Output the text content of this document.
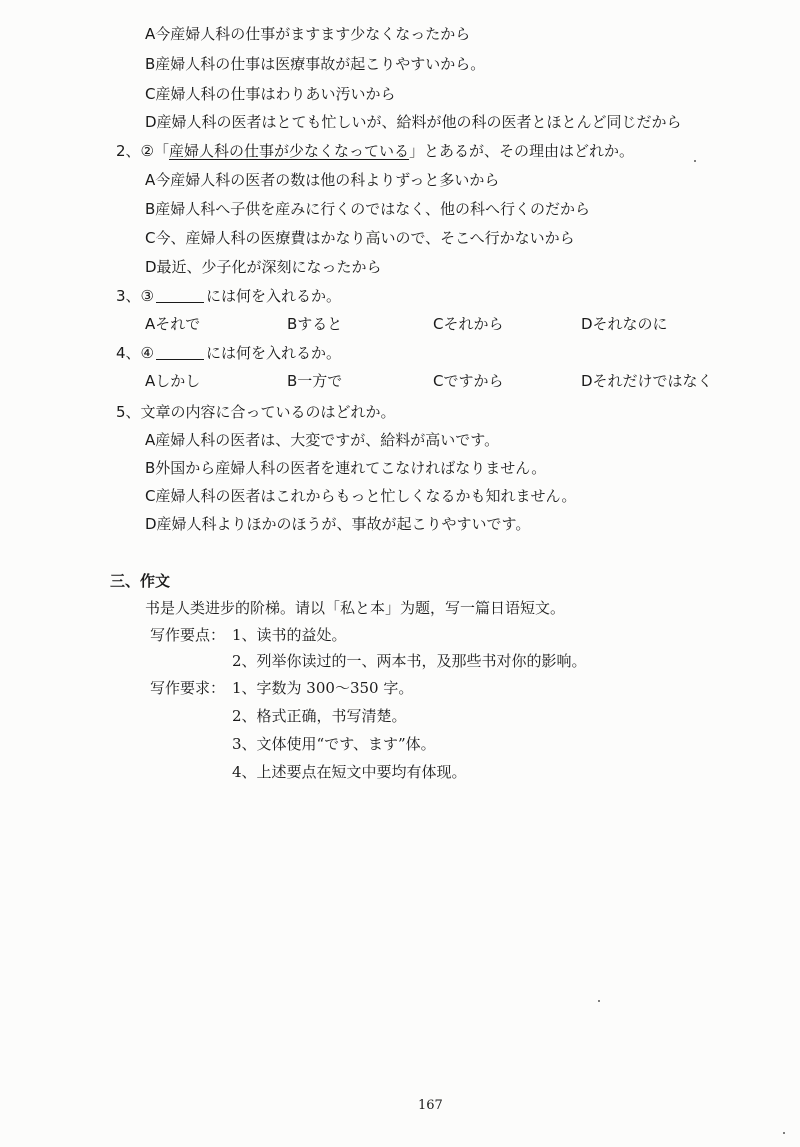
A今産婦人科の仕事がますます少なくなったから
B産婦人科の仕事は医療事故が起こりやすいから。
C産婦人科の仕事はわりあい汚いから
D産婦人科の医者はとても忙しいが、給料が他の科の医者とほとんど同じだから
2、②「産婦人科の仕事が少なくなっている」とあるが、その理由はどれか。
A今産婦人科の医者の数は他の科よりずっと多いから
B産婦人科へ子供を産みに行くのではなく、他の科へ行くのだから
C今、産婦人科の医療費はかなり高いので、そこへ行かないから
D最近、少子化が深刻になったから
3、③	には何を入れるか。
Aそれで	Bすると	Cそれから	Dそれなのに
4、④	には何を入れるか。
Aしかし	B一方で	Cですから	Dそれだけではなく
5、文章の内容に合っているのはどれか。
A産婦人科の医者は、大変ですが、給料が高いです。
B外国から産婦人科の医者を連れてこなければなりません。
C産婦人科の医者はこれからもっと忙しくなるかも知れません。
D産婦人科よりほかのほうが、事故が起こりやすいです。
三、作文
书是人类进步的阶梯。请以「私と本」为题，写一篇日语短文。
写作要点： 1、读书的益处。
2、列举你读过的一、两本书，及那些书对你的影响。
写作要求： 1、字数为 300～350 字。
2、格式正确，书写清楚。
3、文体使用“です、ます”体。
4、上述要点在短文中要均有体现。
167
